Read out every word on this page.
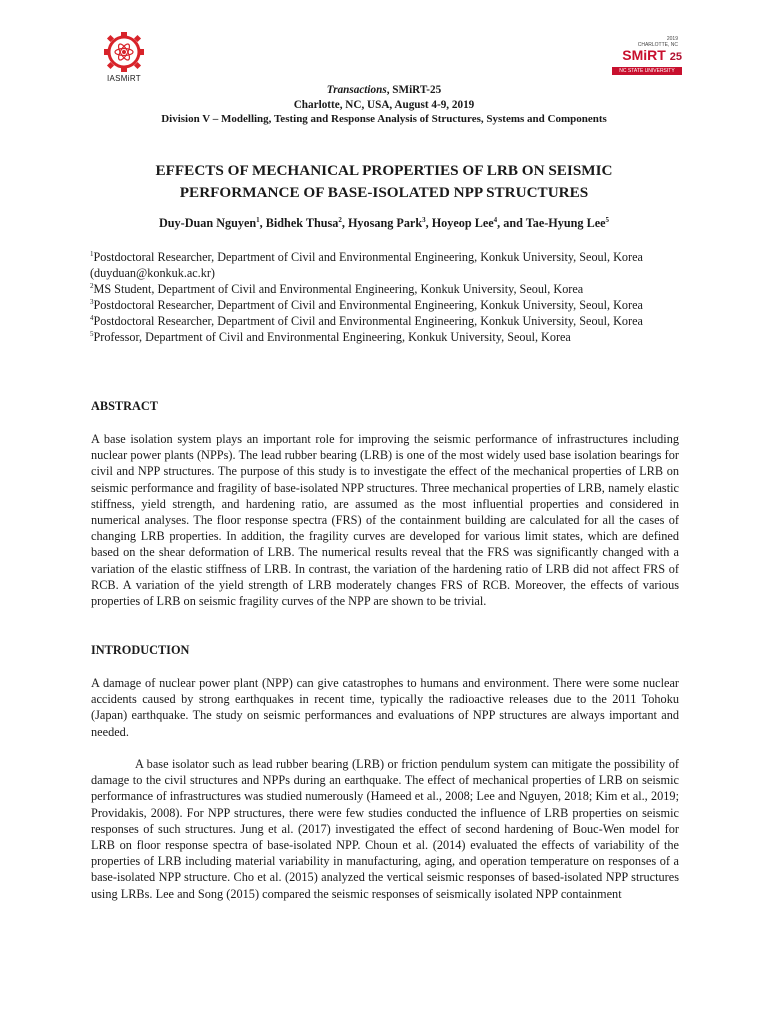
IASMiRT
2019
CHARLOTTE, NC
SMiRT 25
NC STATE UNIVERSITY
Transactions, SMiRT-25
Charlotte, NC, USA, August 4-9, 2019
Division V – Modelling, Testing and Response Analysis of Structures, Systems and Components
EFFECTS OF MECHANICAL PROPERTIES OF LRB ON SEISMIC
PERFORMANCE OF BASE-ISOLATED NPP STRUCTURES
Duy-Duan Nguyen$^1$, Bidhek Thusa$^2$, Hyosang Park$^3$, Hoyeop Lee$^4$, and Tae-Hyung Lee$^5$
$^1$Postdoctoral Researcher, Department of Civil and Environmental Engineering, Konkuk University, Seoul, Korea (duyduan@konkuk.ac.kr)
$^2$MS Student, Department of Civil and Environmental Engineering, Konkuk University, Seoul, Korea
$^3$Postdoctoral Researcher, Department of Civil and Environmental Engineering, Konkuk University, Seoul, Korea
$^4$Postdoctoral Researcher, Department of Civil and Environmental Engineering, Konkuk University, Seoul, Korea
$^5$Professor, Department of Civil and Environmental Engineering, Konkuk University, Seoul, Korea
ABSTRACT
A base isolation system plays an important role for improving the seismic performance of infrastructures including nuclear power plants (NPPs). The lead rubber bearing (LRB) is one of the most widely used base isolation bearings for civil and NPP structures. The purpose of this study is to investigate the effect of the mechanical properties of LRB on seismic performance and fragility of base-isolated NPP structures. Three mechanical properties of LRB, namely elastic stiffness, yield strength, and hardening ratio, are assumed as the most influential properties and considered in numerical analyses. The floor response spectra (FRS) of the containment building are calculated for all the cases of changing LRB properties. In addition, the fragility curves are developed for various limit states, which are defined based on the shear deformation of LRB. The numerical results reveal that the FRS was significantly changed with a variation of the elastic stiffness of LRB. In contrast, the variation of the hardening ratio of LRB did not affect FRS of RCB. A variation of the yield strength of LRB moderately changes FRS of RCB. Moreover, the effects of various properties of LRB on seismic fragility curves of the NPP are shown to be trivial.
INTRODUCTION
A damage of nuclear power plant (NPP) can give catastrophes to humans and environment. There were some nuclear accidents caused by strong earthquakes in recent time, typically the radioactive releases due to the 2011 Tohoku (Japan) earthquake. The study on seismic performances and evaluations of NPP structures are always important and needed.
A base isolator such as lead rubber bearing (LRB) or friction pendulum system can mitigate the possibility of damage to the civil structures and NPPs during an earthquake. The effect of mechanical properties of LRB on seismic performance of infrastructures was studied numerously (Hameed et al., 2008; Lee and Nguyen, 2018; Kim et al., 2019; Providakis, 2008). For NPP structures, there were few studies conducted the influence of LRB properties on seismic responses of such structures. Jung et al. (2017) investigated the effect of second hardening of Bouc-Wen model for LRB on floor response spectra of base-isolated NPP. Choun et al. (2014) evaluated the effects of variability of the properties of LRB including material variability in manufacturing, aging, and operation temperature on responses of a base-isolated NPP structure. Cho et al. (2015) analyzed the vertical seismic responses of based-isolated NPP structures using LRBs. Lee and Song (2015) compared the seismic responses of seismically isolated NPP containment
